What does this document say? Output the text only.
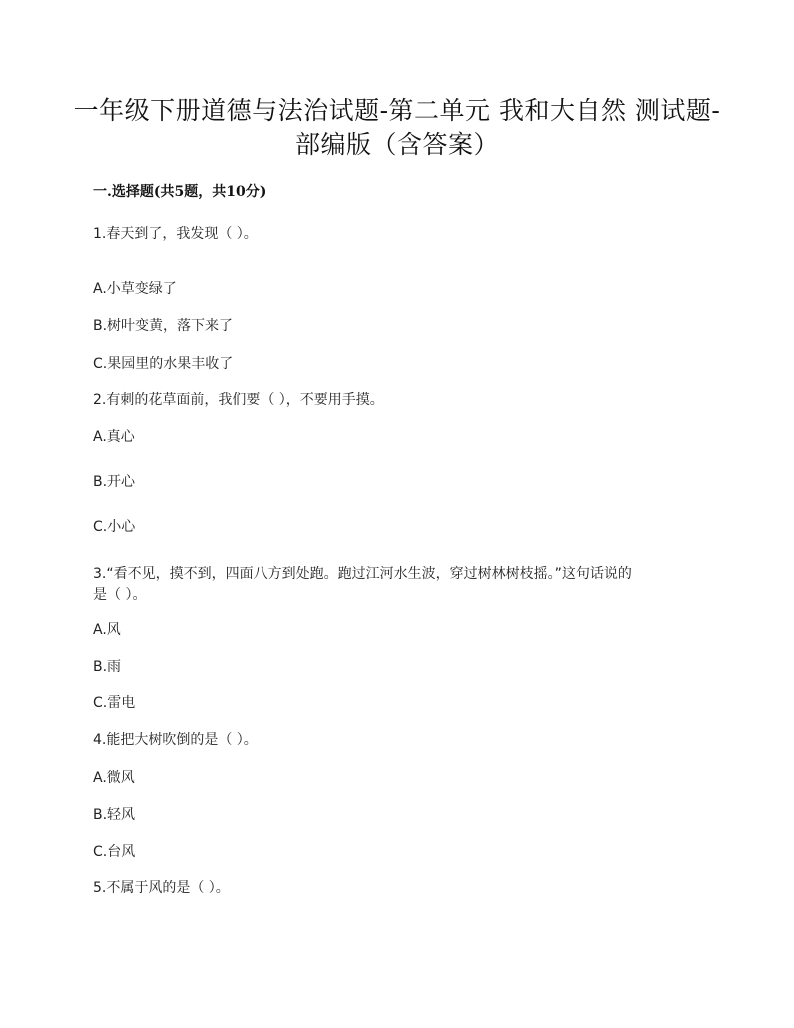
一年级下册道德与法治试题-第二单元 我和大自然 测试题-
部编版（含答案）
一.选择题(共5题，共10分)
1.春天到了，我发现（ ）。
A.小草变绿了
B.树叶变黄，落下来了
C.果园里的水果丰收了
2.有刺的花草面前，我们要（ ），不要用手摸。
A.真心
B.开心
C.小心
3.“看不见，摸不到，四面八方到处跑。跑过江河水生波，穿过树林树枝摇。”这句话说的
是（ ）。
A.风
B.雨
C.雷电
4.能把大树吹倒的是（ ）。
A.微风
B.轻风
C.台风
5.不属于风的是（ ）。
